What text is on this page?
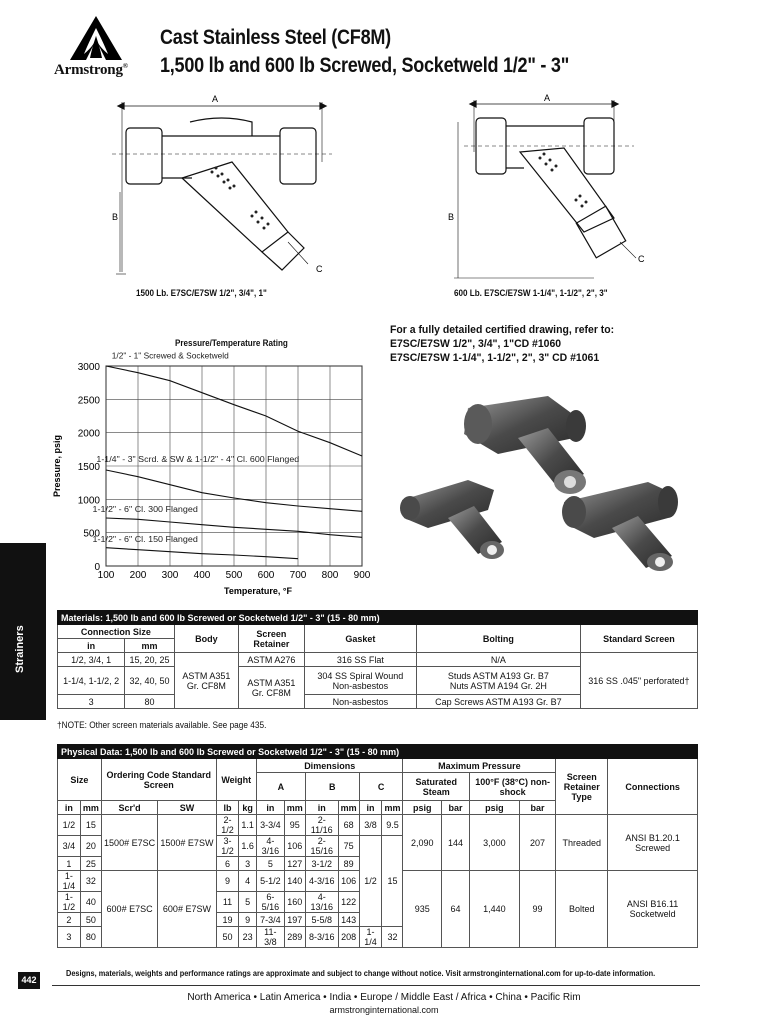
Armstrong®
Cast Stainless Steel (CF8M)
1,500 lb and 600 lb Screwed, Socketweld 1/2" - 3"
A
B
C
1500 Lb. E7SC/E7SW 1/2", 3/4", 1"
A
B
C
600 Lb. E7SC/E7SW 1-1/4", 1-1/2", 2", 3"
Pressure/Temperature Rating
100 200 300 400 500 600 700 800 900
0
500
1000
1500
2000
2500
3000
1/2" - 1" Screwed & Socketweld
1-1/4" - 3" Scrd. & SW & 1-1/2" - 4" Cl. 600 Flanged
1-1/2" - 6" Cl. 300 Flanged
1-1/2" - 6" Cl. 150 Flanged
Temperature, °F
Pressure, psig
For a fully detailed certified drawing, refer to:
E7SC/E7SW 1/2", 3/4", 1"CD #1060
E7SC/E7SW 1-1/4", 1-1/2", 2", 3" CD #1061
Strainers
Materials: 1,500 lb and 600 lb Screwed or Socketweld 1/2" - 3" (15 - 80 mm)						
Connection Size		Body	Screen Retainer	Gasket	Bolting	Standard Screen
in	mm					
1/2, 3/4, 1	15, 20, 25	ASTM A351 Gr. CF8M	ASTM A276	316 SS Flat	N/A	316 SS .045" perforated†
1-1/4, 1-1/2, 2	32, 40, 50		ASTM A351 Gr. CF8M	304 SS Spiral Wound Non-asbestos	Studs ASTM A193 Gr. B7
Nuts ASTM A194 Gr. 2H	

3	80			Non-asbestos	Cap Screws ASTM A193 Gr. B7	
†NOTE: Other screen materials available. See page 435.
Physical Data: 1,500 lb and 600 lb Screwed or Socketweld 1/2" - 3" (15 - 80 mm)																	
Size		Ordering Code Standard Screen		Weight		Dimensions						Maximum Pressure				Screen Retainer Type	Connections
						A		B		C		Saturated Steam		100°F (38°C) non-shock			
in	mm	Scr'd	SW	lb	kg	in	mm	in	mm	in	mm	psig	bar	psig	bar		
1/2	15	1500# E7SC	1500# E7SW	2-1/2	1.1	3-3/4	95	2-11/16	68	3/8	9.5	2,090	144	3,000	207	Threaded	ANSI B1.20.1 Screwed
3/4	20			3-1/2	1.6	4-3/16	106	2-15/16	75	1/2	15						
1	25			6	3	5	127	3-1/2	89								
1-1/4	32	600# E7SC	600# E7SW	9	4	5-1/2	140	4-3/16	106			935	64	1,440	99	Bolted	ANSI B16.11 Socketweld
1-1/2	40			11	5	6-5/16	160	4-13/16	122								
2	50			19	9	7-3/4	197	5-5/8	143								
3	80			50	23	11-3/8	289	8-3/16	208	1-1/4	32						
442
Designs, materials, weights and performance ratings are approximate and subject to change without notice. Visit armstronginternational.com for up-to-date information.
North America • Latin America • India • Europe / Middle East / Africa • China • Pacific Rim
armstronginternational.com
